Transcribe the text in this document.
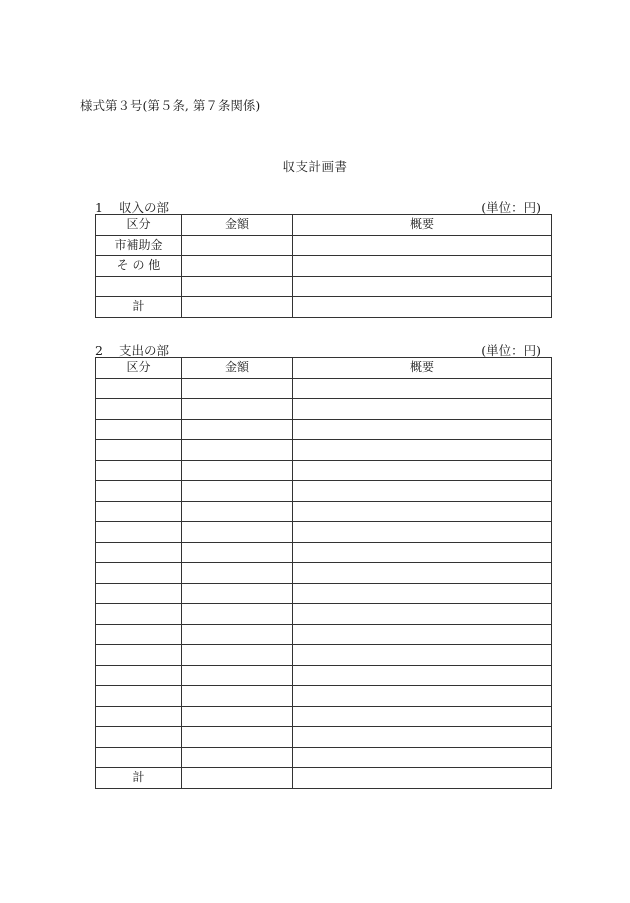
様式第３号(第５条, 第７条関係)
収支計画書
1 収入の部	(単位：円)
区分	金額	概要
市補助金		
そ の 他		

計		
2 支出の部	(単位：円)
区分	金額	概要

計		
